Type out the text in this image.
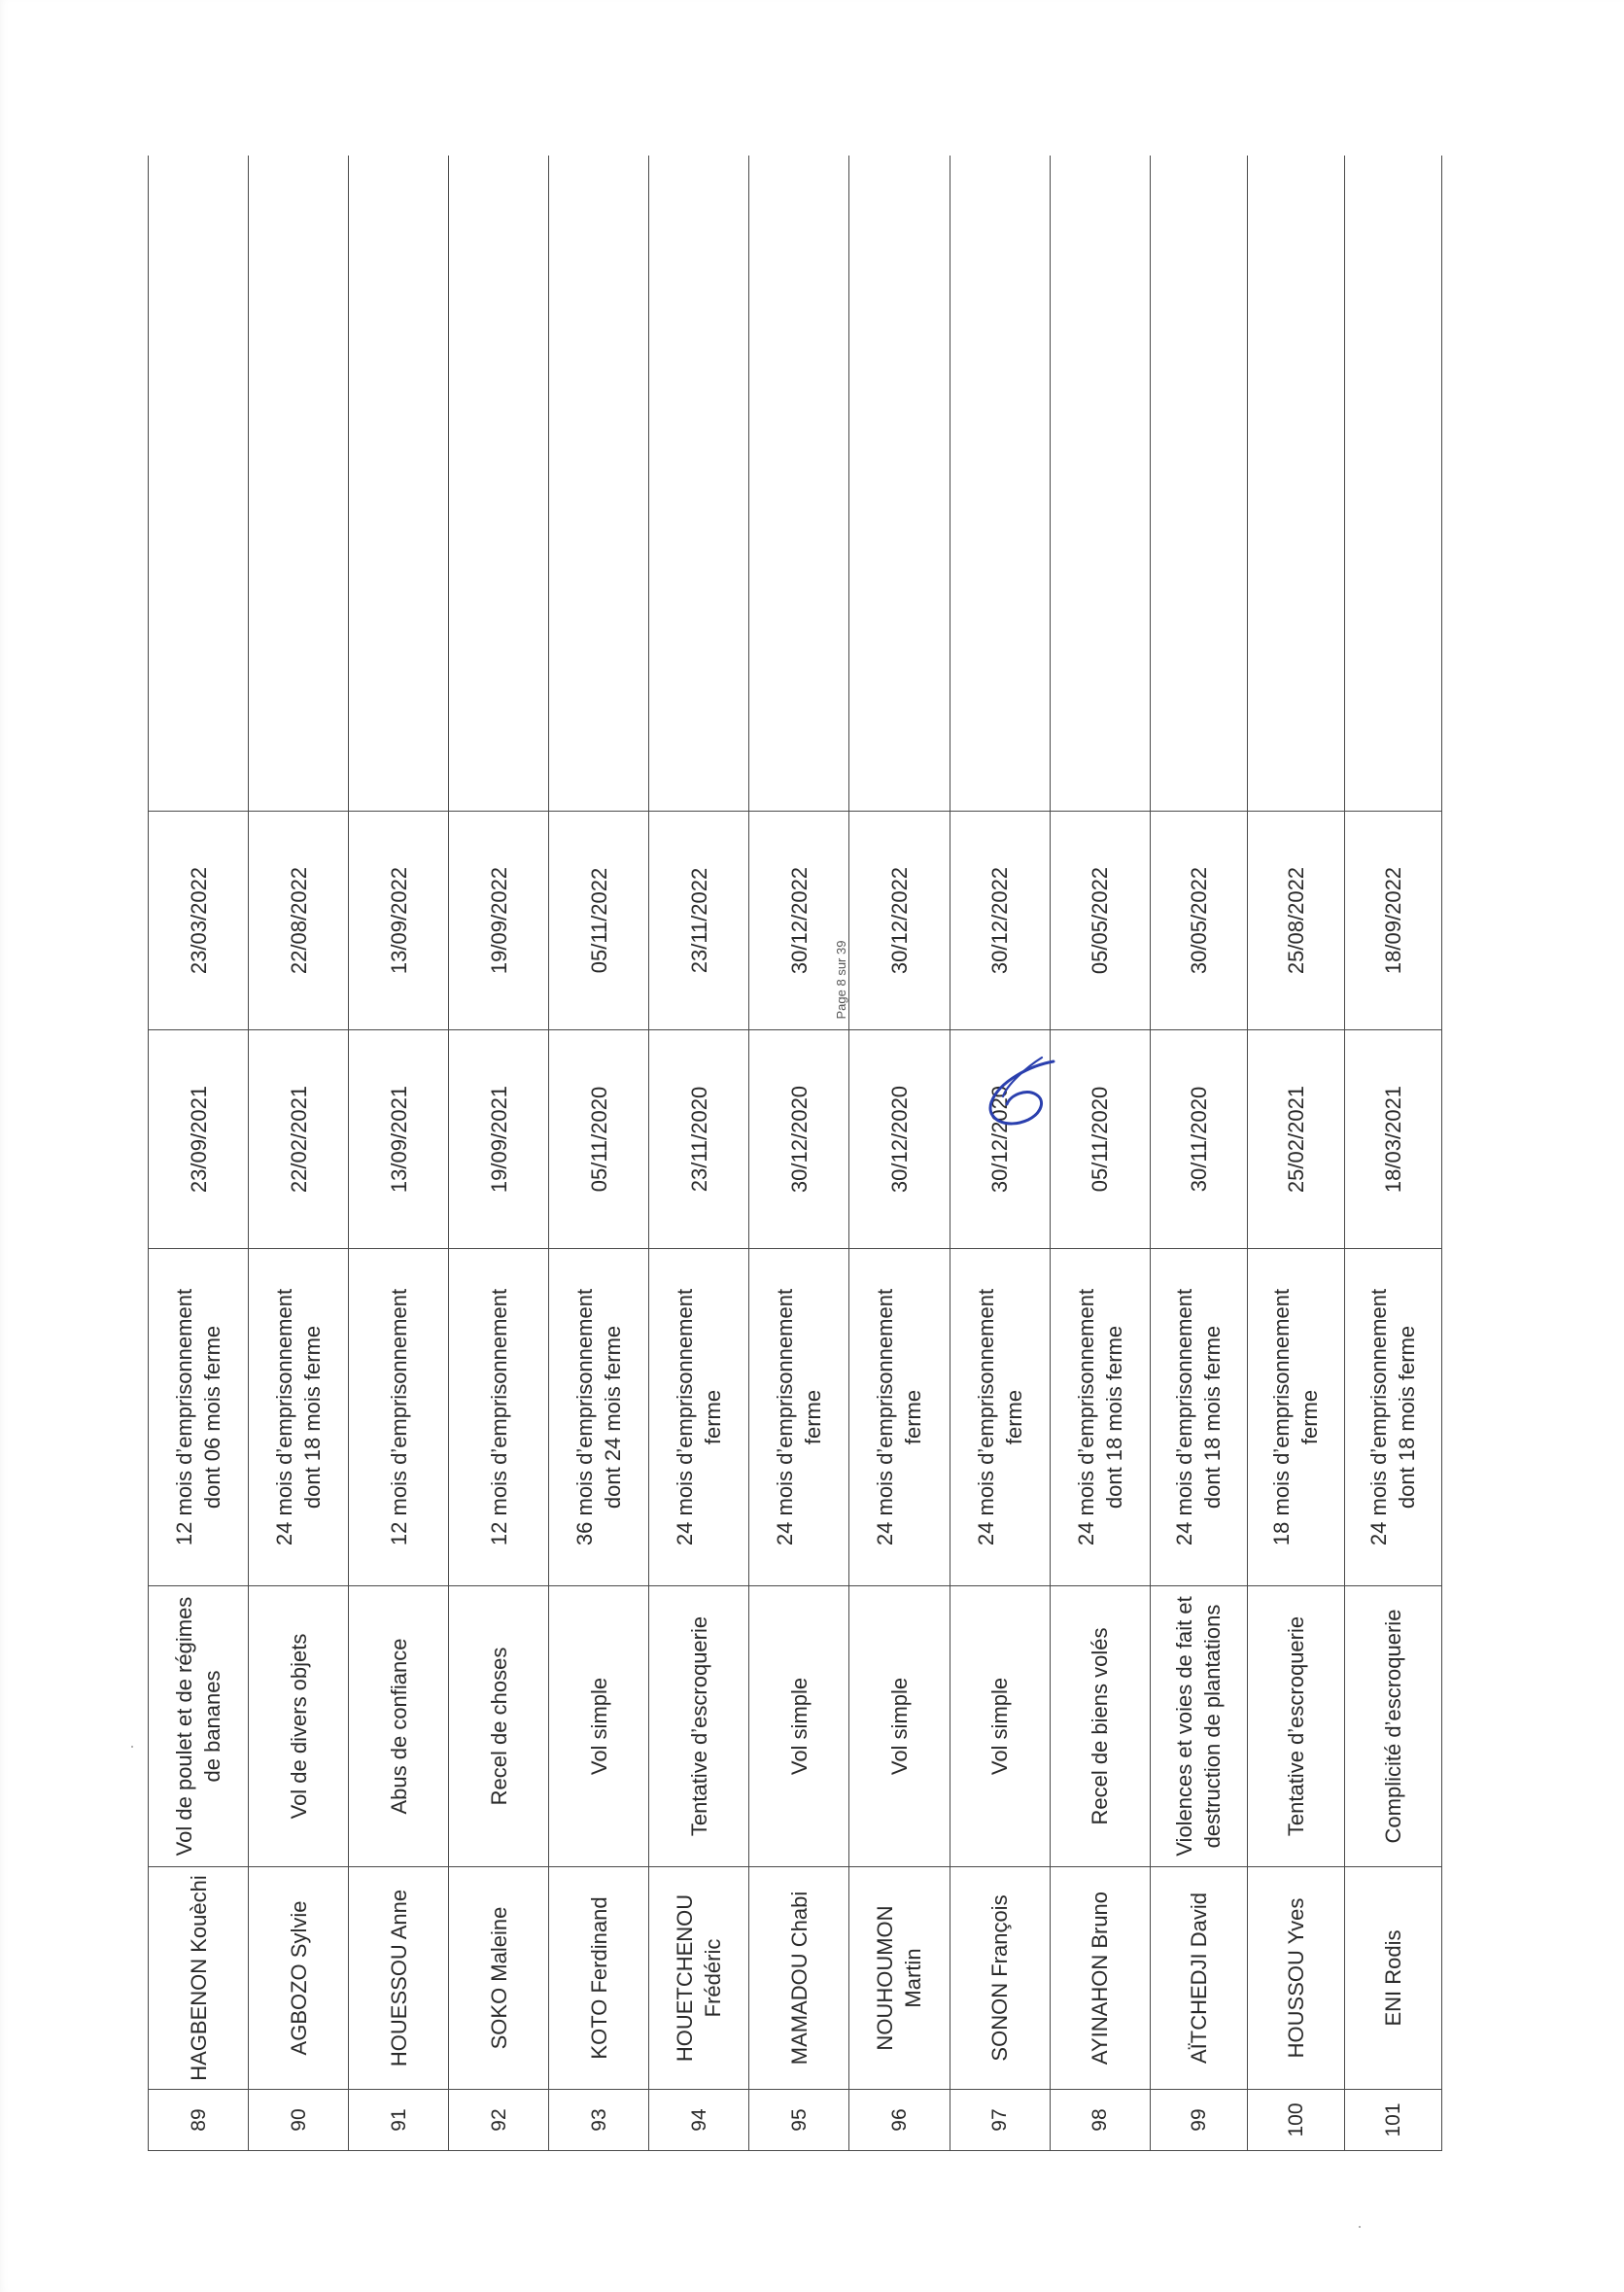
89	HAGBENON Kouèchi	Vol de poulet et de régimes
de bananes	12 mois d’emprisonnement
dont 06 mois ferme	23/09/2021	23/03/2022	
90	AGBOZO Sylvie	Vol de divers objets	24 mois d’emprisonnement
dont 18 mois ferme	22/02/2021	22/08/2022	
91	HOUESSOU Anne	Abus de confiance	12 mois d’emprisonnement	13/09/2021	13/09/2022	
92	SOKO Maleine	Recel de choses	12 mois d’emprisonnement	19/09/2021	19/09/2022	
93	KOTO Ferdinand	Vol simple	36 mois d’emprisonnement
dont 24 mois ferme	05/11/2020	05/11/2022	
94	HOUETCHENOU
Frédéric	Tentative d’escroquerie	24 mois d’emprisonnement
ferme	23/11/2020	23/11/2022	
95	MAMADOU Chabi	Vol simple	24 mois d’emprisonnement
ferme	30/12/2020	30/12/2022	
96	NOUHOUMON Martin	Vol simple	24 mois d’emprisonnement
ferme	30/12/2020	30/12/2022	
97	SONON François	Vol simple	24 mois d’emprisonnement
ferme	30/12/2020	30/12/2022	
98	AYINAHON Bruno	Recel de biens volés	24 mois d’emprisonnement
dont 18 mois ferme	05/11/2020	05/05/2022	
99	AÏTCHEDJI David	Violences et voies de fait et
destruction de plantations	24 mois d’emprisonnement
dont 18 mois ferme	30/11/2020	30/05/2022	
100	HOUSSOU Yves	Tentative d’escroquerie	18 mois d’emprisonnement
ferme	25/02/2021	25/08/2022	
101	ENI Rodis	Complicité d’escroquerie	24 mois d’emprisonnement
dont 18 mois ferme	18/03/2021	18/09/2022	
Page 8 sur 39
